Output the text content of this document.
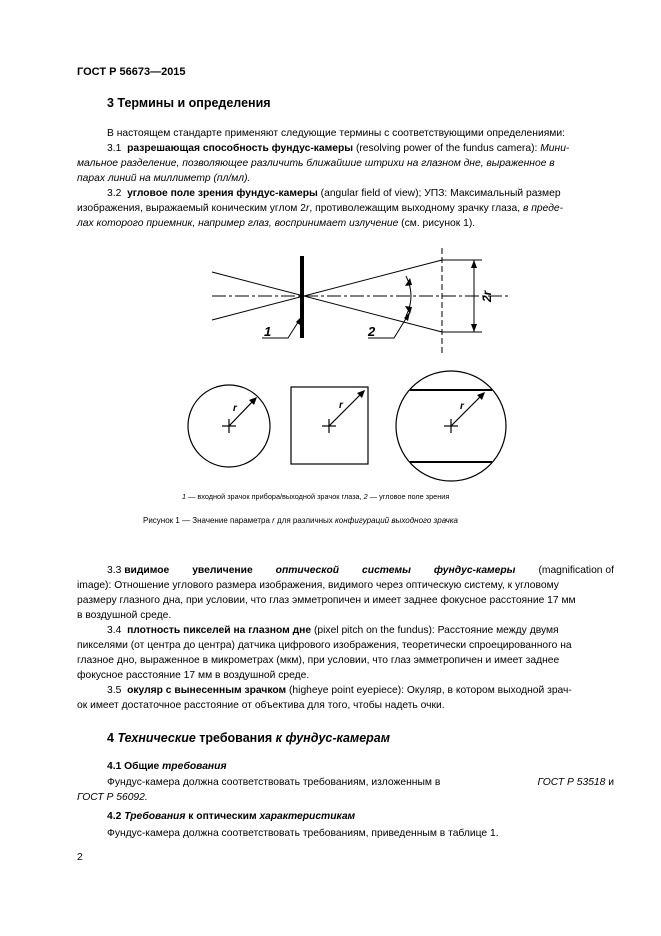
ГОСТ Р 56673—2015
3 Термины и определения
В настоящем стандарте применяют следующие термины с соответствующими определениями:
3.1 разрешающая способность фундус-камеры (resolving power of the fundus camera): Мини-
мальное разделение, позволяющее различить ближайшие штрихи на глазном дне, выраженное в
парах линий на миллиметр (пл/мл).
3.2 угловое поле зрения фундус-камеры (angular field of view); УПЗ: Максимальный размер
изображения, выражаемый коническим углом 2r, противолежащим выходному зрачку глаза, в преде-
лах которого приемник, например глаз, воспринимает излучение (см. рисунок 1).
1	2
2r
r	r	r
1 — входной зрачок прибора/выходной зрачок глаза, 2 — угловое поле зрения
Рисунок 1 — Значение параметра r для различных конфигураций выходного зрачка
3.3 видимое увеличение оптической системы фундус-камеры (magnification of
image): Отношение углового размера изображения, видимого через оптическую систему, к угловому
размеру глазного дна, при условии, что глаз эмметропичен и имеет заднее фокусное расстояние 17 мм
в воздушной среде.
3.4 плотность пикселей на глазном дне (pixel pitch on the fundus): Расстояние между двумя
пикселями (от центра до центра) датчика цифрового изображения, теоретически спроецированного на
глазное дно, выраженное в микрометрах (мкм), при условии, что глаз эмметропичен и имеет заднее
фокусное расстояние 17 мм в воздушной среде.
3.5 окуляр с вынесенным зрачком (higheye point eyepiece): Окуляр, в котором выходной зрач-
ок имеет достаточное расстояние от объектива для того, чтобы надеть очки.
4 Технические требования к фундус-камерам
4.1 Общие требования
Фундус-камера должна соответствовать требованиям, изложенным в	ГОСТ Р 53518 и
ГОСТ Р 56092.
4.2 Требования к оптическим характеристикам
Фундус-камера должна соответствовать требованиям, приведенным в таблице 1.
2
